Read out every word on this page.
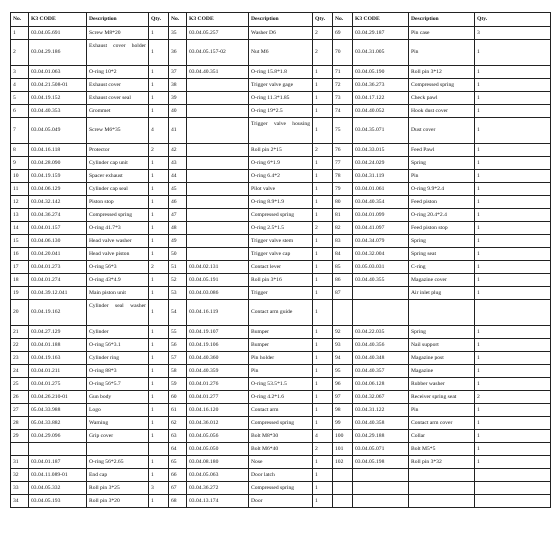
No.	K3 CODE	Description	Qty.	No.	K3 CODE	Description	Qty.	No.	K3 CODE	Description	Qty.
1	03.04.05.691	Screw M8*20	1	35	03.04.05.257	Washer D6	2	69	03.04.29.187	Pin case	3
2	03.04.29.186	Exhaust cover holder	1	36	03.04.05.157-02	Nut M6	2	70	03.04.31.005	Pin	1
3	03.04.01.063	O-ring 10*2	1	37	03.04.40.351	O-ring 15.8*1.8	1	71	03.04.05.190	Roll pin 3*12	1
4	03.04.21.508-01	Exhaust cover	1	38		Trigger valve gage	1	72	03.04.36.273	Compressed spring	1
5	03.04.19.152	Exhaust cover seal	1	39		O-ring 11.3*1.85	1	73	03.04.17.122	Check pawl	1
6	03.04.40.353	Grommet	1	40		O-ring 19*2.5	1	74	03.04.40.052	Hook dust cover	1
7	03.04.05.049	Screw M6*35	4	41		Trigger valve housing	1	75	03.04.35.071	Dust cover	1
8	03.04.16.118	Protector	2	42		Roll pin 2*15	2	76	03.04.33.015	Feed Pawl	1
9	03.04.28.090	Cylinder cap unit	1	43		O-ring 6*1.9	1	77	03.04.24.029	Spring	1
10	03.04.19.159	Spacer exhaust	1	44		O-ring 6.4*2	1	78	03.04.31.119	Pin	1
11	03.04.06.129	Cylinder cap seal	1	45		Pilot valve	1	79	03.04.01.061	O-ring 9.9*2.4	1
12	03.04.32.142	Piston stop	1	46		O-ring 8.9*1.9	1	80	03.04.40.354	Feed piston	1
13	03.04.36.274	Compressed spring	1	47		Compressed spring	1	81	03.04.01.099	O-ring 20.4*2.4	1
14	03.04.01.157	O-ring 41.7*3	1	48		O-ring 2.5*1.5	2	82	03.04.41.097	Feed piston stop	1
15	03.04.06.130	Head valve washer	1	49		Trigger valve stem	1	83	03.04.34.079	Spring	1
16	03.04.20.041	Head valve piston	1	50		Trigger valve cap	1	84	03.04.32.004	Spring seat	1
17	03.04.01.273	O-ring 56*3	2	51	03.04.02.131	Contact lever	1	85	03.05.03.031	C-ring	1
18	03.04.01.274	O-ring 43*4.9	1	52	03.04.05.191	Roll pin 3*16	1	86	03.04.40.355	Magazine cover	1
19	03.04.39.12.041	Main piston unit	1	53	03.04.03.086	Trigger	1	87		Air inlet plug	1
20	03.04.19.162	Cylinder seal washer	1	54	03.04.16.119	Contact arm guide	1				
21	03.04.27.129	Cylinder	1	55	03.04.19.107	Bumper	1	92	03.04.22.035	Spring	1
22	03.04.01.188	O-ring 56*3.1	1	56	03.04.19.106	Bumper	1	93	03.04.40.356	Nail support	1
23	03.04.19.163	Cylinder ring	1	57	03.04.40.360	Pin holder	1	94	03.04.40.348	Magazine post	1
24	03.04.01.211	O-ring 88*3	1	58	03.04.40.359	Pin	1	95	03.04.40.357	Magazine	1
25	03.04.01.275	O-ring 56*5.7	1	59	03.04.01.276	O-ring 53.5*1.5	1	96	03.04.06.128	Rubber washer	1
26	03.04.26.210-01	Gun body	1	60	03.04.01.277	O-ring 4.2*1.6	1	97	03.04.32.067	Receiver spring seat	2
27	05.04.33.988	Logo	1	61	03.04.16.120	Contact arm	1	98	03.04.31.122	Pin	1
28	05.04.33.882	Warning	1	62	03.04.36.012	Compressed spring	1	99	03.04.40.358	Contact arm cover	1
29	03.04.29.096	Grip cover	1	63	03.04.05.056	Bolt M8*30	4	100	03.04.29.188	Collar	1
				64	03.04.05.050	Bolt M6*40	2	101	03.04.05.071	Bolt M5*5	1
31	03.04.01.187	O-ring 56*2.65	1	65	03.04.08.180	Nose	1	102	03.04.05.198	Roll pin 3*32	1
32	03.04.11.089-01	End cap	1	66	03.04.05.063	Door latch	1				
33	03.04.05.332	Roll pin 3*25	3	67	03.04.36.272	Compressed spring	1				
34	03.04.05.193	Roll pin 3*20	1	68	03.04.13.174	Door	1				
